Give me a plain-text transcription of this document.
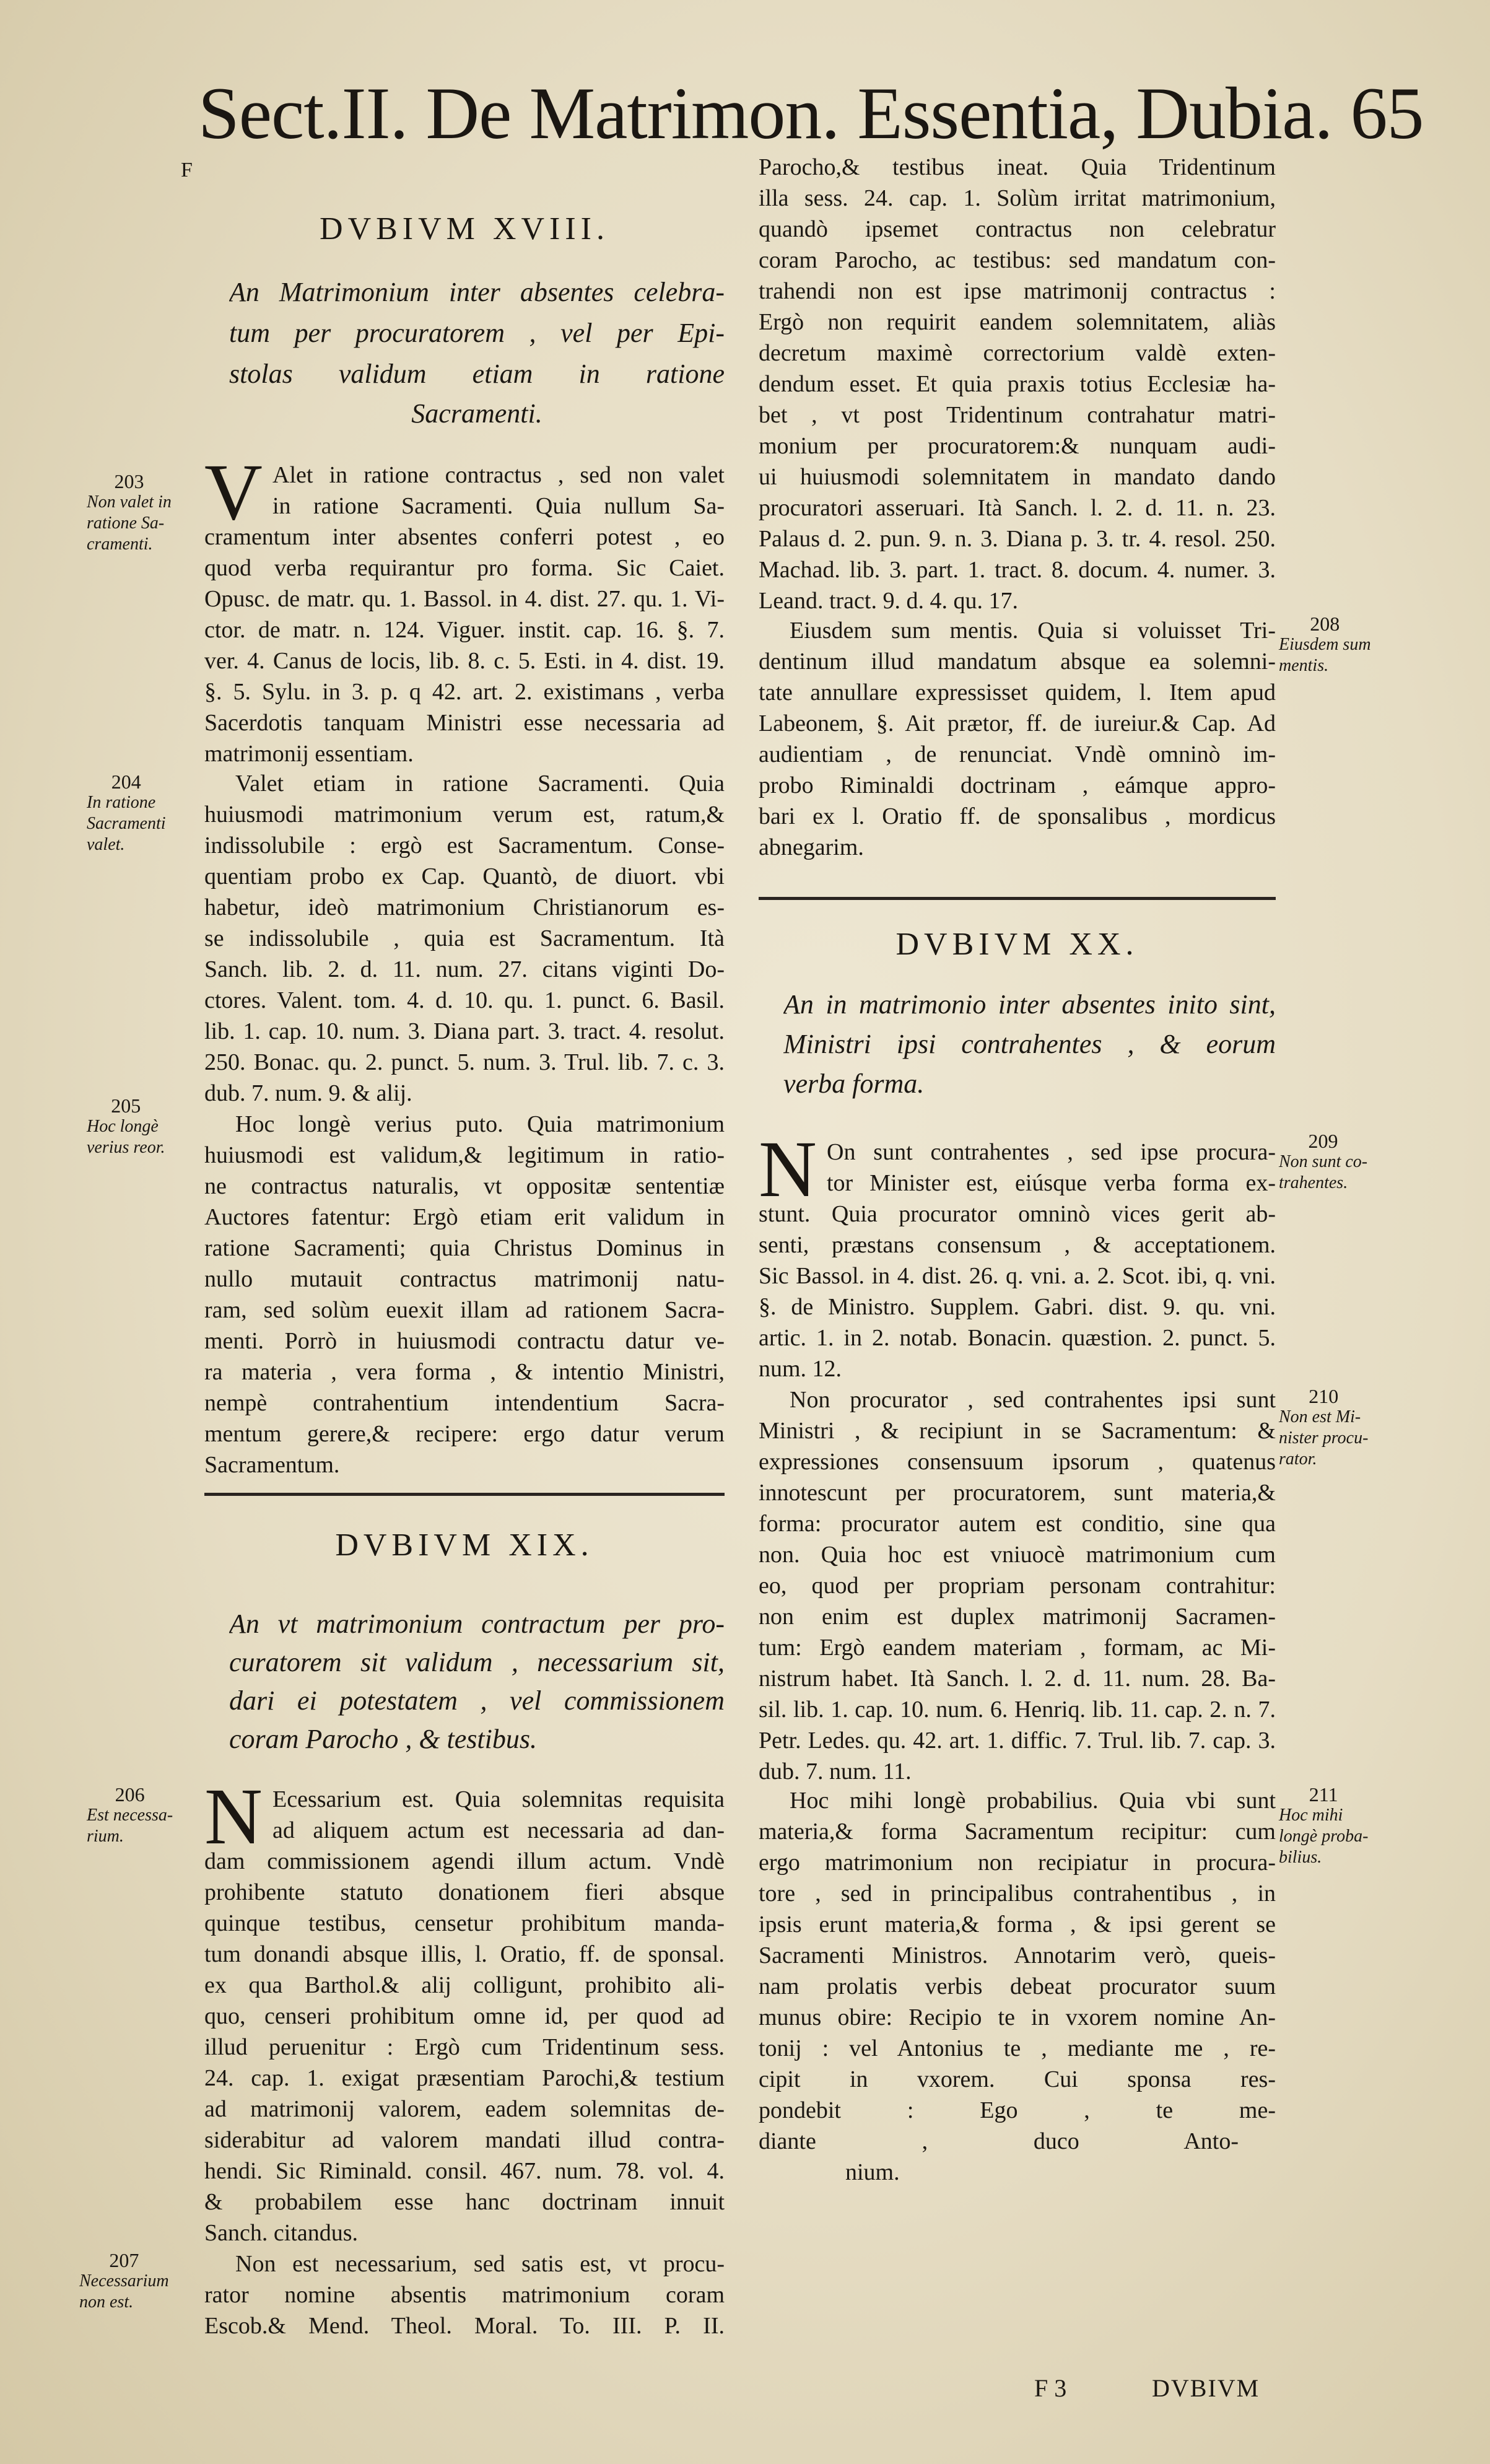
Sect.II. De Matrimon. Essentia, Dubia. 65
F
DVBIVM XVIII.
An Matrimonium inter absentes celebra-
tum per procuratorem , vel per Epi-
stolas validum etiam in ratione
Sacramenti.
Alet in ratione contractus , sed non valet
in ratione Sacramenti. Quia nullum Sa-
cramentum inter absentes conferri potest , eo
quod verba requirantur pro forma. Sic Caiet.
Opusc. de matr. qu. 1. Bassol. in 4. dist. 27. qu. 1. Vi-
ctor. de matr. n. 124. Viguer. instit. cap. 16. §. 7.
ver. 4. Canus de locis, lib. 8. c. 5. Esti. in 4. dist. 19.
§. 5. Sylu. in 3. p. q 42. art. 2. existimans , verba
Sacerdotis tanquam Ministri esse necessaria ad
matrimonij essentiam.
Valet etiam in ratione Sacramenti. Quia
huiusmodi matrimonium verum est, ratum,&
indissolubile : ergò est Sacramentum. Conse-
quentiam probo ex Cap. Quantò, de diuort. vbi
habetur, ideò matrimonium Christianorum es-
se indissolubile , quia est Sacramentum. Ità
Sanch. lib. 2. d. 11. num. 27. citans viginti Do-
ctores. Valent. tom. 4. d. 10. qu. 1. punct. 6. Basil.
lib. 1. cap. 10. num. 3. Diana part. 3. tract. 4. resolut.
250. Bonac. qu. 2. punct. 5. num. 3. Trul. lib. 7. c. 3.
dub. 7. num. 9. & alij.
Hoc longè verius puto. Quia matrimonium
huiusmodi est validum,& legitimum in ratio-
ne contractus naturalis, vt oppositæ sententiæ
Auctores fatentur: Ergò etiam erit validum in
ratione Sacramenti; quia Christus Dominus in
nullo mutauit contractus matrimonij natu-
ram, sed solùm euexit illam ad rationem Sacra-
menti. Porrò in huiusmodi contractu datur ve-
ra materia , vera forma , & intentio Ministri,
nempè contrahentium intendentium Sacra-
mentum gerere,& recipere: ergo datur verum
Sacramentum.
DVBIVM XIX.
An vt matrimonium contractum per pro-
curatorem sit validum , necessarium sit,
dari ei potestatem , vel commissionem
coram Parocho , & testibus.
Ecessarium est. Quia solemnitas requisita
ad aliquem actum est necessaria ad dan-
dam commissionem agendi illum actum. Vndè
prohibente statuto donationem fieri absque
quinque testibus, censetur prohibitum manda-
tum donandi absque illis, l. Oratio, ff. de sponsal.
ex qua Barthol.& alij colligunt, prohibito ali-
quo, censeri prohibitum omne id, per quod ad
illud peruenitur : Ergò cum Tridentinum sess.
24. cap. 1. exigat præsentiam Parochi,& testium
ad matrimonij valorem, eadem solemnitas de-
siderabitur ad valorem mandati illud contra-
hendi. Sic Riminald. consil. 467. num. 78. vol. 4.
& probabilem esse hanc doctrinam innuit
Sanch. citandus.
Non est necessarium, sed satis est, vt procu-
rator nomine absentis matrimonium coram
Escob.& Mend. Theol. Moral. To. III. P. II.
V
N
Parocho,& testibus ineat. Quia Tridentinum
illa sess. 24. cap. 1. Solùm irritat matrimonium,
quandò ipsemet contractus non celebratur
coram Parocho, ac testibus: sed mandatum con-
trahendi non est ipse matrimonij contractus :
Ergò non requirit eandem solemnitatem, aliàs
decretum maximè correctorium valdè exten-
dendum esset. Et quia praxis totius Ecclesiæ ha-
bet , vt post Tridentinum contrahatur matri-
monium per procuratorem:& nunquam audi-
ui huiusmodi solemnitatem in mandato dando
procuratori asseruari. Ità Sanch. l. 2. d. 11. n. 23.
Palaus d. 2. pun. 9. n. 3. Diana p. 3. tr. 4. resol. 250.
Machad. lib. 3. part. 1. tract. 8. docum. 4. numer. 3.
Leand. tract. 9. d. 4. qu. 17.
Eiusdem sum mentis. Quia si voluisset Tri-
dentinum illud mandatum absque ea solemni-
tate annullare expressisset quidem, l. Item apud
Labeonem, §. Ait prætor, ff. de iureiur.& Cap. Ad
audientiam , de renunciat. Vndè omninò im-
probo Riminaldi doctrinam , eámque appro-
bari ex l. Oratio ff. de sponsalibus , mordicus
abnegarim.
DVBIVM XX.
An in matrimonio inter absentes inito sint,
Ministri ipsi contrahentes , & eorum
verba forma.
On sunt contrahentes , sed ipse procura-
tor Minister est, eiúsque verba forma ex-
stunt. Quia procurator omninò vices gerit ab-
senti, præstans consensum , & acceptationem.
Sic Bassol. in 4. dist. 26. q. vni. a. 2. Scot. ibi, q. vni.
§. de Ministro. Supplem. Gabri. dist. 9. qu. vni.
artic. 1. in 2. notab. Bonacin. quæstion. 2. punct. 5.
num. 12.
Non procurator , sed contrahentes ipsi sunt
Ministri , & recipiunt in se Sacramentum: &
expressiones consensuum ipsorum , quatenus
innotescunt per procuratorem, sunt materia,&
forma: procurator autem est conditio, sine qua
non. Quia hoc est vniuocè matrimonium cum
eo, quod per propriam personam contrahitur:
non enim est duplex matrimonij Sacramen-
tum: Ergò eandem materiam , formam, ac Mi-
nistrum habet. Ità Sanch. l. 2. d. 11. num. 28. Ba-
sil. lib. 1. cap. 10. num. 6. Henriq. lib. 11. cap. 2. n. 7.
Petr. Ledes. qu. 42. art. 1. diffic. 7. Trul. lib. 7. cap. 3.
dub. 7. num. 11.
Hoc mihi longè probabilius. Quia vbi sunt
materia,& forma Sacramentum recipitur: cum
ergo matrimonium non recipiatur in procura-
tore , sed in principalibus contrahentibus , in
ipsis erunt materia,& forma , & ipsi gerent se
Sacramenti Ministros. Annotarim verò, queis-
nam prolatis verbis debeat procurator suum
munus obire: Recipio te in vxorem nomine An-
tonij : vel Antonius te , mediante me , re-
cipit in vxorem. Cui sponsa res-
pondebit : Ego , te me-
diante , duco Anto-
nium.
N
203
Non valet in
ratione Sa-
cramenti.
204
In ratione
Sacramenti
valet.
205
Hoc longè
verius reor.
206
Est necessa-
rium.
207
Necessarium
non est.
208
Eiusdem sum
mentis.
209
Non sunt co-
trahentes.
210
Non est Mi-
nister procu-
rator.
211
Hoc mihi
longè proba-
bilius.
F 3	DVBIVM
